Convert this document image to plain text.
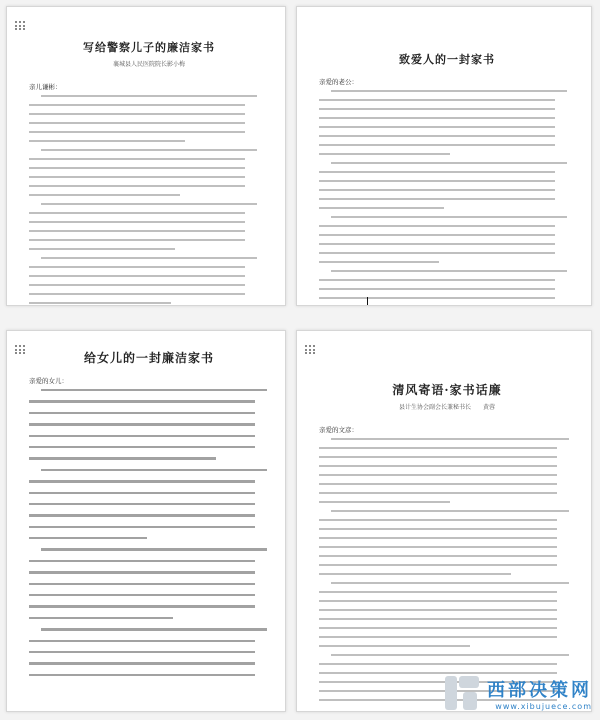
写给警察儿子的廉洁家书
襄城县人民医院院长影小梅
亲儿谦彬：
致爱人的一封家书
亲爱的老公：
给女儿的一封廉洁家书
亲爱的女儿：
清风寄语·家书话廉
县计生协会副会长兼秘书长　　黄蓉
亲爱的文彦：
西部决策网
www.xibujuece.com
